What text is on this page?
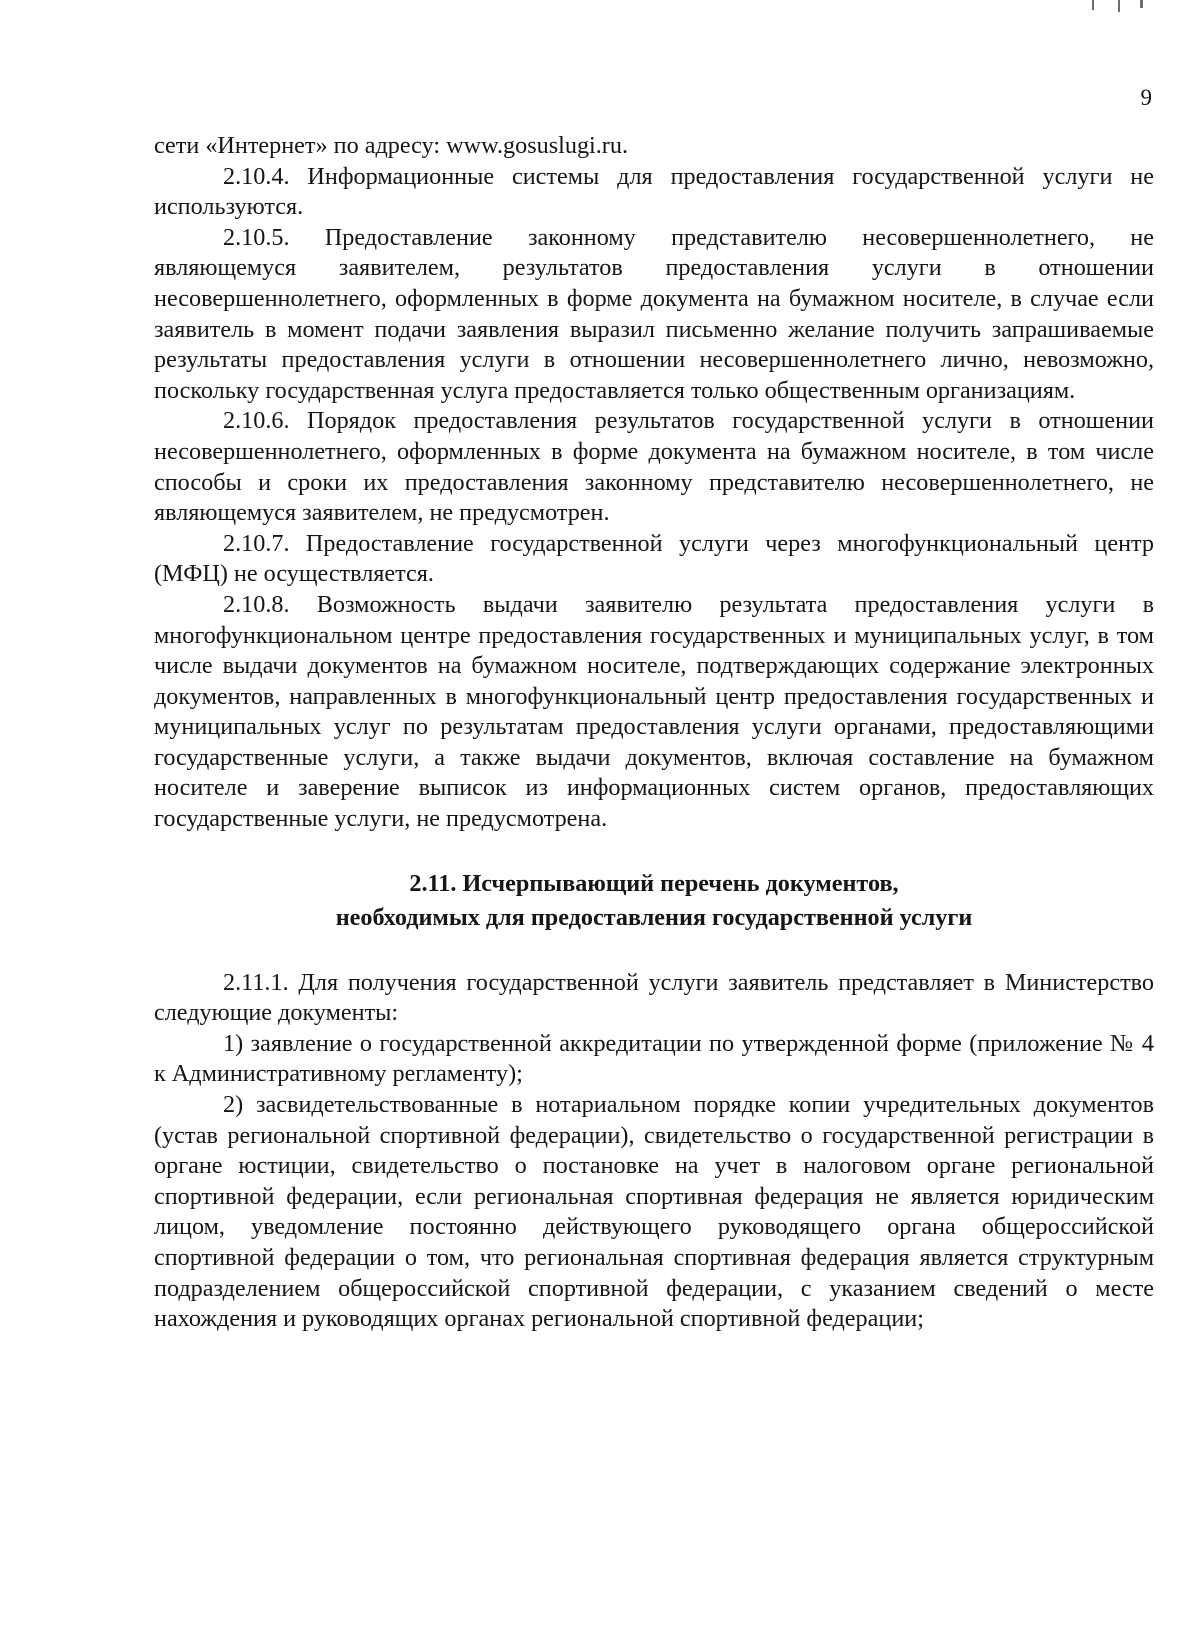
9

сети «Интернет» по адресу: www.gosuslugi.ru.

2.10.4. Информационные системы для предоставления государственной услуги не используются.

2.10.5. Предоставление законному представителю несовершеннолетнего, не являющемуся заявителем, результатов предоставления услуги в отношении несовершеннолетнего, оформленных в форме документа на бумажном носителе, в случае если заявитель в момент подачи заявления выразил письменно желание получить запрашиваемые результаты предоставления услуги в отношении несовершеннолетнего лично, невозможно, поскольку государственная услуга предоставляется только общественным организациям.

2.10.6. Порядок предоставления результатов государственной услуги в отношении несовершеннолетнего, оформленных в форме документа на бумажном носителе, в том числе способы и сроки их предоставления законному представителю несовершеннолетнего, не являющемуся заявителем, не предусмотрен.

2.10.7. Предоставление государственной услуги через многофункциональный центр (МФЦ) не осуществляется.

2.10.8. Возможность выдачи заявителю результата предоставления услуги в многофункциональном центре предоставления государственных и муниципальных услуг, в том числе выдачи документов на бумажном носителе, подтверждающих содержание электронных документов, направленных в многофункциональный центр предоставления государственных и муниципальных услуг по результатам предоставления услуги органами, предоставляющими государственные услуги, а также выдачи документов, включая составление на бумажном носителе и заверение выписок из информационных систем органов, предоставляющих государственные услуги, не предусмотрена.

2.11. Исчерпывающий перечень документов,
необходимых для предоставления государственной услуги

2.11.1. Для получения государственной услуги заявитель представляет в Министерство следующие документы:

1) заявление о государственной аккредитации по утвержденной форме (приложение № 4 к Административному регламенту);

2) засвидетельствованные в нотариальном порядке копии учредительных документов (устав региональной спортивной федерации), свидетельство о государственной регистрации в органе юстиции, свидетельство о постановке на учет в налоговом органе региональной спортивной федерации, если региональная спортивная федерация не является юридическим лицом, уведомление постоянно действующего руководящего органа общероссийской спортивной федерации о том, что региональная спортивная федерация является структурным подразделением общероссийской спортивной федерации, с указанием сведений о месте нахождения и руководящих органах региональной спортивной федерации;
